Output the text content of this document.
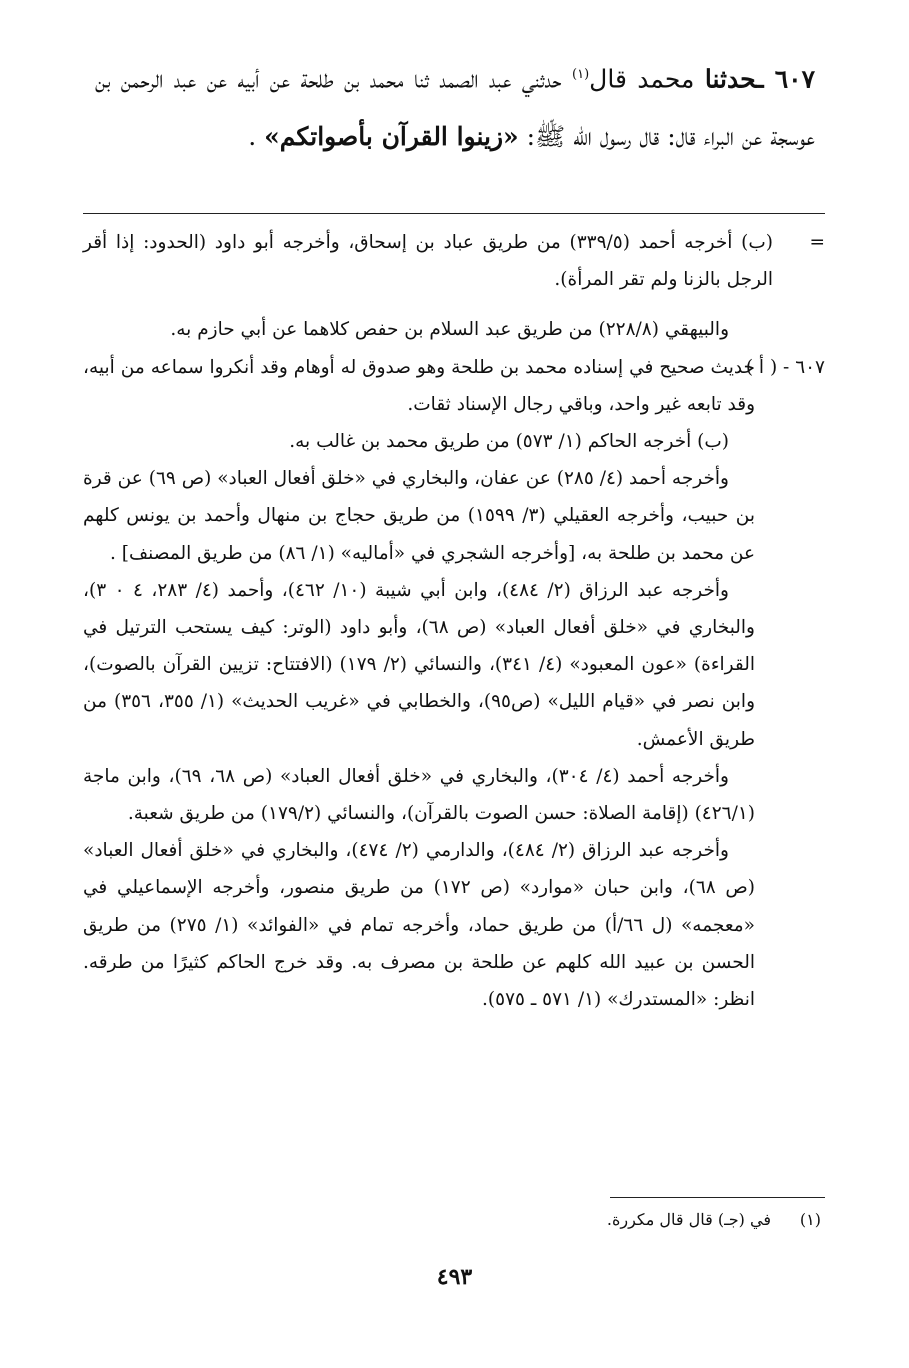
٦٠٧ ـحدثنا محمد قال$^{(١)}$ حدثني عبد الصمد ثنا محمد بن طلحة عن أبيه عن عبد الرحمن بن عوسجة عن البراء قال: قال رسول الله ﷺ: «زينوا القرآن بأصواتكم» .
=
(ب) أخرجه أحمد (٣٣٩/٥) من طريق عباد بن إسحاق، وأخرجه أبو داود (الحدود: إذا أقر الرجل بالزنا ولم تقر المرأة).

والبيهقي (٢٢٨/٨) من طريق عبد السلام بن حفص كلاهما عن أبي حازم به.

٦٠٧ - ( أ )
حديث صحيح في إسناده محمد بن طلحة وهو صدوق له أوهام وقد أنكروا سماعه من أبيه، وقد تابعه غير واحد، وباقي رجال الإسناد ثقات.

(ب) أخرجه الحاكم (١/ ٥٧٣) من طريق محمد بن غالب به.

وأخرجه أحمد (٤/ ٢٨٥) عن عفان، والبخاري في «خلق أفعال العباد» (ص ٦٩) عن قرة بن حبيب، وأخرجه العقيلي (٣/ ١٥٩٩) من طريق حجاج بن منهال وأحمد بن يونس كلهم عن محمد بن طلحة به، [وأخرجه الشجري في «أماليه» (١/ ٨٦) من طريق المصنف] .

وأخرجه عبد الرزاق (٢/ ٤٨٤)، وابن أبي شيبة (١٠/ ٤٦٢)، وأحمد (٤/ ٢٨٣، ٤ ٠ ٣)، والبخاري في «خلق أفعال العباد» (ص ٦٨)، وأبو داود (الوتر: كيف يستحب الترتيل في القراءة) «عون المعبود» (٤/ ٣٤١)، والنسائي (٢/ ١٧٩) (الافتتاح: تزيين القرآن بالصوت)، وابن نصر في «قيام الليل» (ص٩٥)، والخطابي في «غريب الحديث» (١/ ٣٥٥، ٣٥٦) من طريق الأعمش.

وأخرجه أحمد (٤/ ٣٠٤)، والبخاري في «خلق أفعال العباد» (ص ٦٨، ٦٩)، وابن ماجة (٤٢٦/١) (إقامة الصلاة: حسن الصوت بالقرآن)، والنسائي (١٧٩/٢) من طريق شعبة.

وأخرجه عبد الرزاق (٢/ ٤٨٤)، والدارمي (٢/ ٤٧٤)، والبخاري في «خلق أفعال العباد» (ص ٦٨)، وابن حبان «موارد» (ص ١٧٢) من طريق منصور، وأخرجه الإسماعيلي في «معجمه» (ل ٦٦/أ) من طريق حماد، وأخرجه تمام في «الفوائد» (١/ ٢٧٥) من طريق الحسن بن عبيد الله كلهم عن طلحة بن مصرف به. وقد خرج الحاكم كثيرًا من طرقه. انظر: «المستدرك» (١/ ٥٧١ ـ ٥٧٥).

(١)في (جـ) قال قال مكررة.
٤٩٣
